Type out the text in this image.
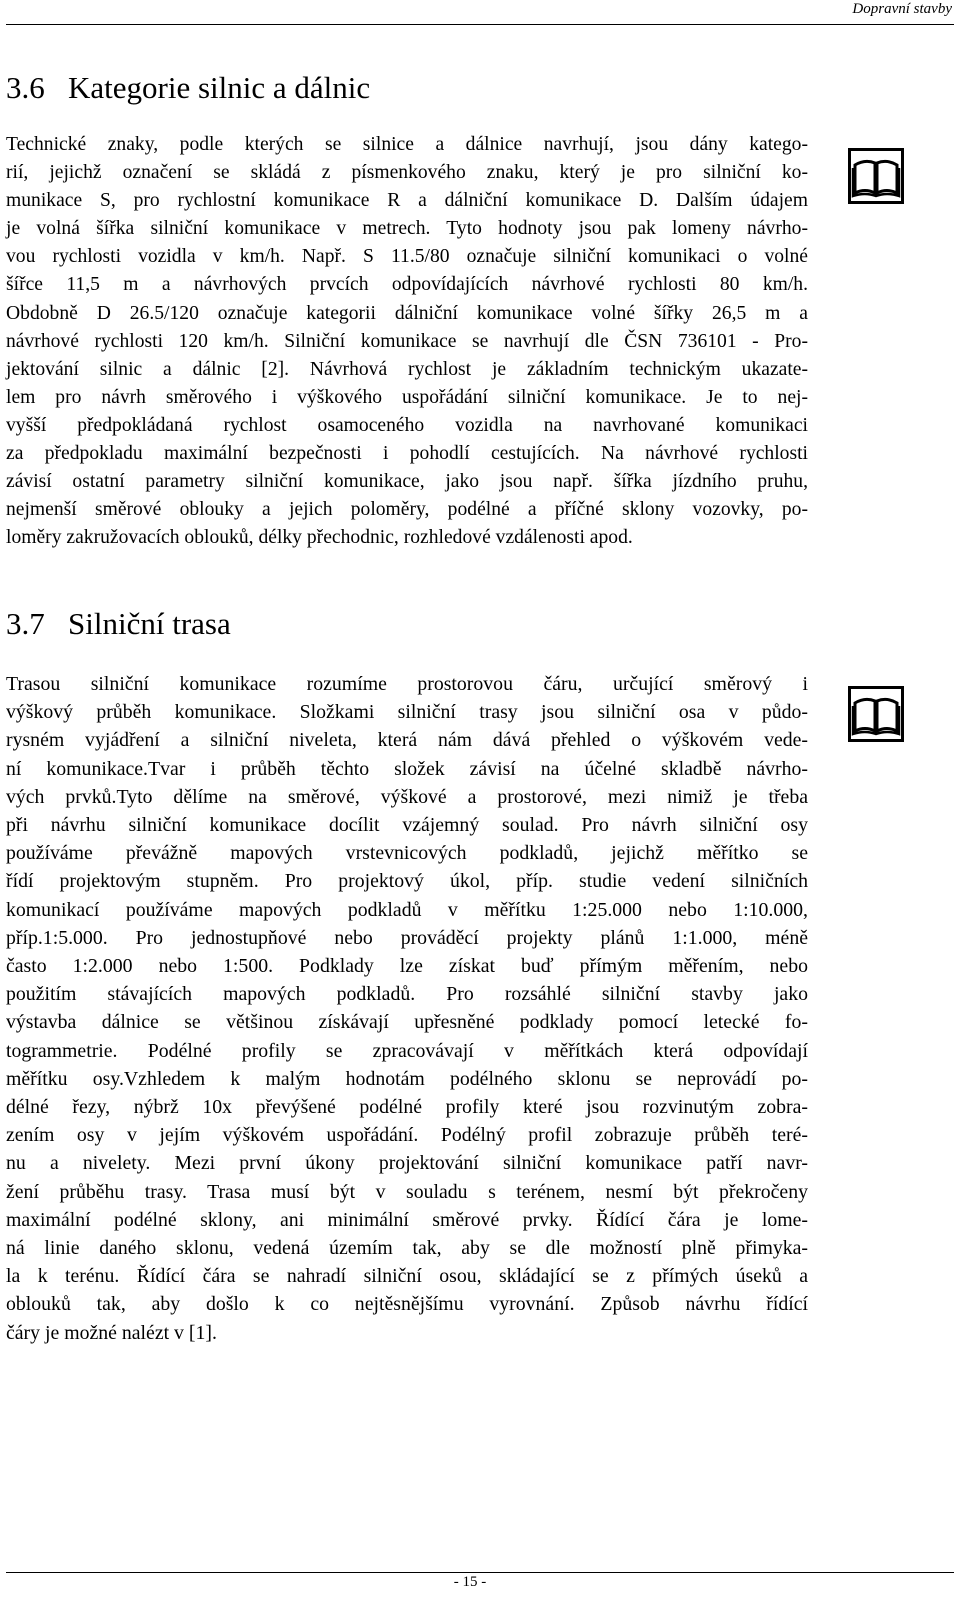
Dopravní stavby
3.6   Kategorie silnic a dálnic
Technické znaky, podle kterých se silnice a dálnice navrhují, jsou dány katego-
rií, jejichž označení se skládá z písmenkového znaku, který je pro silniční ko-
munikace S, pro rychlostní komunikace R a dálniční komunikace D. Dalším údajem
je volná šířka silniční komunikace v metrech. Tyto hodnoty jsou pak lomeny návrho-
vou rychlosti vozidla v km/h. Např. S 11.5/80 označuje silniční komunikaci o volné
šířce 11,5 m a návrhových prvcích odpovídajících návrhové rychlosti 80 km/h.
Obdobně D 26.5/120 označuje kategorii dálniční komunikace volné šířky 26,5 m a
návrhové rychlosti 120 km/h. Silniční komunikace se navrhují dle ČSN 736101 - Pro-
jektování silnic a dálnic [2]. Návrhová rychlost je základním technickým ukazate-
lem pro návrh směrového i výškového uspořádání silniční komunikace. Je to nej-
vyšší předpokládaná rychlost osamoceného vozidla na navrhované komunikaci
za předpokladu maximální bezpečnosti i pohodlí cestujících. Na návrhové rychlosti
závisí ostatní parametry silniční komunikace, jako jsou např. šířka jízdního pruhu,
nejmenší směrové oblouky a jejich poloměry, podélné a příčné sklony vozovky, po-
loměry zakružovacích oblouků, délky přechodnic, rozhledové vzdálenosti apod.
3.7   Silniční trasa
Trasou silniční komunikace rozumíme prostorovou čáru, určující směrový i
výškový průběh komunikace. Složkami silniční trasy jsou silniční osa v půdo-
rysném vyjádření a silniční niveleta, která nám dává přehled o výškovém vede-
ní komunikace.Tvar i průběh těchto složek závisí na účelné skladbě návrho-
vých prvků.Tyto dělíme na směrové, výškové a prostorové, mezi nimiž je třeba
při návrhu silniční komunikace docílit vzájemný soulad. Pro návrh silniční osy
používáme převážně mapových vrstevnicových podkladů, jejichž měřítko se
řídí projektovým stupněm. Pro projektový úkol, příp. studie vedení silničních
komunikací používáme mapových podkladů v měřítku 1:25.000 nebo 1:10.000,
příp.1:5.000. Pro jednostupňové nebo prováděcí projekty plánů 1:1.000, méně
často 1:2.000 nebo 1:500. Podklady lze získat buď přímým měřením, nebo
použitím stávajících mapových podkladů. Pro rozsáhlé silniční stavby jako
výstavba dálnice se většinou získávají upřesněné podklady pomocí letecké fo-
togrammetrie. Podélné profily se zpracovávají v měřítkách která odpovídají
měřítku osy.Vzhledem k malým hodnotám podélného sklonu se neprovádí po-
délné řezy, nýbrž 10x převýšené podélné profily které jsou rozvinutým zobra-
zením osy v jejím výškovém uspořádání. Podélný profil zobrazuje průběh teré-
nu a nivelety. Mezi první úkony projektování silniční komunikace patří navr-
žení průběhu trasy. Trasa musí být v souladu s terénem, nesmí být překročeny
maximální podélné sklony, ani minimální směrové prvky. Řídící čára je lome-
ná linie daného sklonu, vedená územím tak, aby se dle možností plně přimyka-
la k terénu. Řídící čára se nahradí silniční osou, skládající se z přímých úseků a
oblouků tak, aby došlo k co nejtěsnějšímu vyrovnání. Způsob návrhu řídící
čáry je možné nalézt v [1].
- 15 -
